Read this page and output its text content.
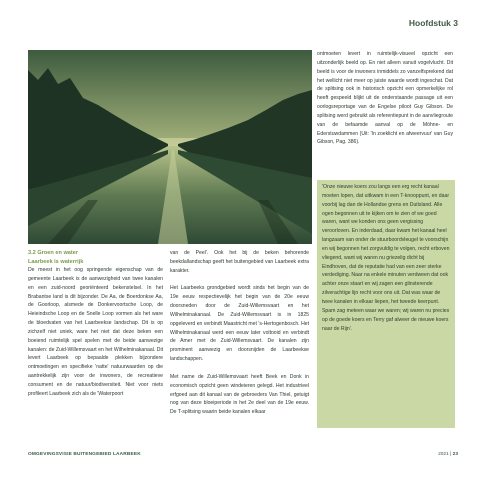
Hoofdstuk 3

ontmoeten levert in ruimtelijk-visueel opzicht een uitzonderlijk beeld op. En niet alleen vanuit vogelvlucht. Dit beeld is voor de inwoners inmiddels zo vanzelfsprekend dat het wellicht niet meer op juiste waarde wordt ingeschat. Dat de splitsing ook in historisch opzicht een opmerkelijke rol heeft gespeeld blijkt uit de onderstaande passage uit een oorlogsreportage van de Engelse piloot Guy Gibson. De splitsing werd gebruikt als referentiepunt in de aanvliegroute van de befaamde aanval op de Möhne- en Ederstuwdammen (Uit: 'In zoeklicht en afweervuur' van Guy Gibson, Pag. 386).

'Onze nieuwe koers zou langs een erg recht kanaal moeten lopen, dat uitkwam in een T-knooppunt, en daar voorbij lag dan de Hollandse grens en Duitsland. Alle ogen begonnen uit te kijken om te zien of we goed waren, want we konden ons geen vergissing veroorloven. En inderdaad, daar kwam het kanaal heel langzaam van onder de stuurboordvleugel te voorschijn en wij begonnen het zorgvuldig te volgen, recht erboven vliegend, want wij waren nu griezelig dicht bij Eindhoven, dat de reputatie had van een zeer sterke verdediging. Naar na enkele minuten verdween dat ook achter onze staart en wij zagen een glinsterende zilverachtige lijn recht voor ons uit. Dat was waar de twee kanalen in elkaar liepen, het tweede keerpunt. Spam zag meteen waar we waren; wij waren nu precies op de goede koers en Terry gaf alweer de nieuwe koers naar de Rijn'.

3.2 Groen en water
Laarbeek is waterrijk

De meest in het oog springende eigenschap van de gemeente Laarbeek is de aanwezigheid van twee kanalen en een zuid-noord georiënteerd bekenstelsel. In het Brabantse land is dit bijzonder. De Aa, de Boerdonkse Aa, de Goorloop, alsmede de Donkervoortsche Loop, de Heieindsche Loop en de Snelle Loop vormen als het ware de bloedvaten van het Laarbeekse landschap. Dit is op zichzelf niet uniek, ware het niet dat deze beken een boeiend ruimtelijk spel spelen met de beide aanwezige kanalen: de Zuid-Willemsvaart en het Wilhelminakanaal. Dit levert Laarbeek op bepaalde plekken bijzondere ontmoetingen en specifieke 'natte' natuurwaarden op die aantrekkelijk zijn voor de inwoners, de recreatieve consument en de natuur/biodiversiteit. Niet voor niets profileert Laarbeek zich als de 'Waterpoort

van de Peel'. Ook het bij de beken behorende beekdallandschap geeft het buitengebied van Laarbeek extra karakter.

Het Laarbeeks grondgebied wordt sinds het begin van de 19e eeuw respectievelijk het begin van de 20e eeuw doorsneden door de Zuid-Willemsvaart en het Wilhelminakanaal. De Zuid-Willemsvaart is in 1825 opgeleverd en verbindt Maastricht met 's-Hertogenbosch. Het Wilhelminakanaal werd een eeuw later voltooid en verbindt de Amer met de Zuid-Willemsvaart. De kanalen zijn prominent aanwezig en doorsnijden de Laarbeekse landschappen.

Met name de Zuid-Willemsvaart heeft Beek en Donk in economisch opzicht geen windeieren gelegd. Het industrieel erfgoed aan dit kanaal van de gebroeders Van Thiel, getuigt nog van deze bloeiperiode in het 2e deel van de 19e eeuw. De T-splitsing waarin beide kanalen elkaar

OMGEVINGSVISIE BUITENGEBIED LAARBEEK	2021 | 23
